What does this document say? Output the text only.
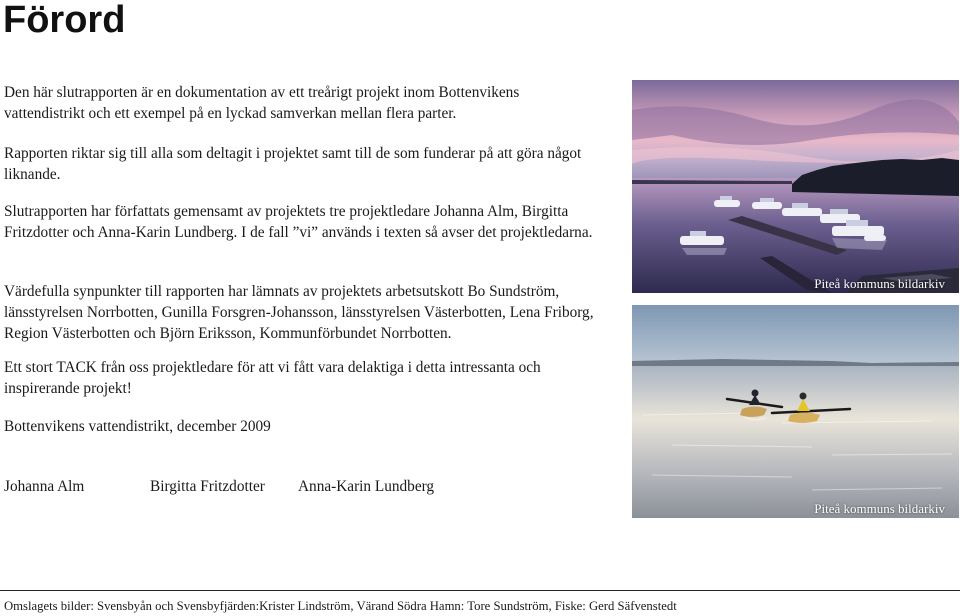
Förord

Den här slutrapporten är en dokumentation av ett treårigt projekt inom Bottenvikens vattendistrikt och ett exempel på en lyckad samverkan mellan flera parter.

Rapporten riktar sig till alla som deltagit i projektet samt till de som funderar på att göra något liknande.

Slutrapporten har författats gemensamt av projektets tre projektledare Johanna Alm, Birgitta Fritzdotter och Anna-Karin Lundberg. I de fall ”vi” används i texten så avser det projektledarna.

Värdefulla synpunkter till rapporten har lämnats av projektets arbetsutskott Bo Sundström, länsstyrelsen Norrbotten, Gunilla Forsgren-Johansson, länsstyrelsen Västerbotten, Lena Friborg, Region Västerbotten och Björn Eriksson, Kommunförbundet Norrbotten.

Ett stort TACK från oss projektledare för att vi fått vara delaktiga i detta intressanta och inspirerande projekt!

Bottenvikens vattendistrikt, december 2009

Johanna Alm	Birgitta Fritzdotter Anna-Karin Lundberg
Piteå kommuns bildarkiv
Piteå kommuns bildarkiv
Omslagets bilder: Svensbyån och Svensbyfjärden:Krister Lindström, Värand Södra Hamn: Tore Sundström, Fiske: Gerd Säfvenstedt
